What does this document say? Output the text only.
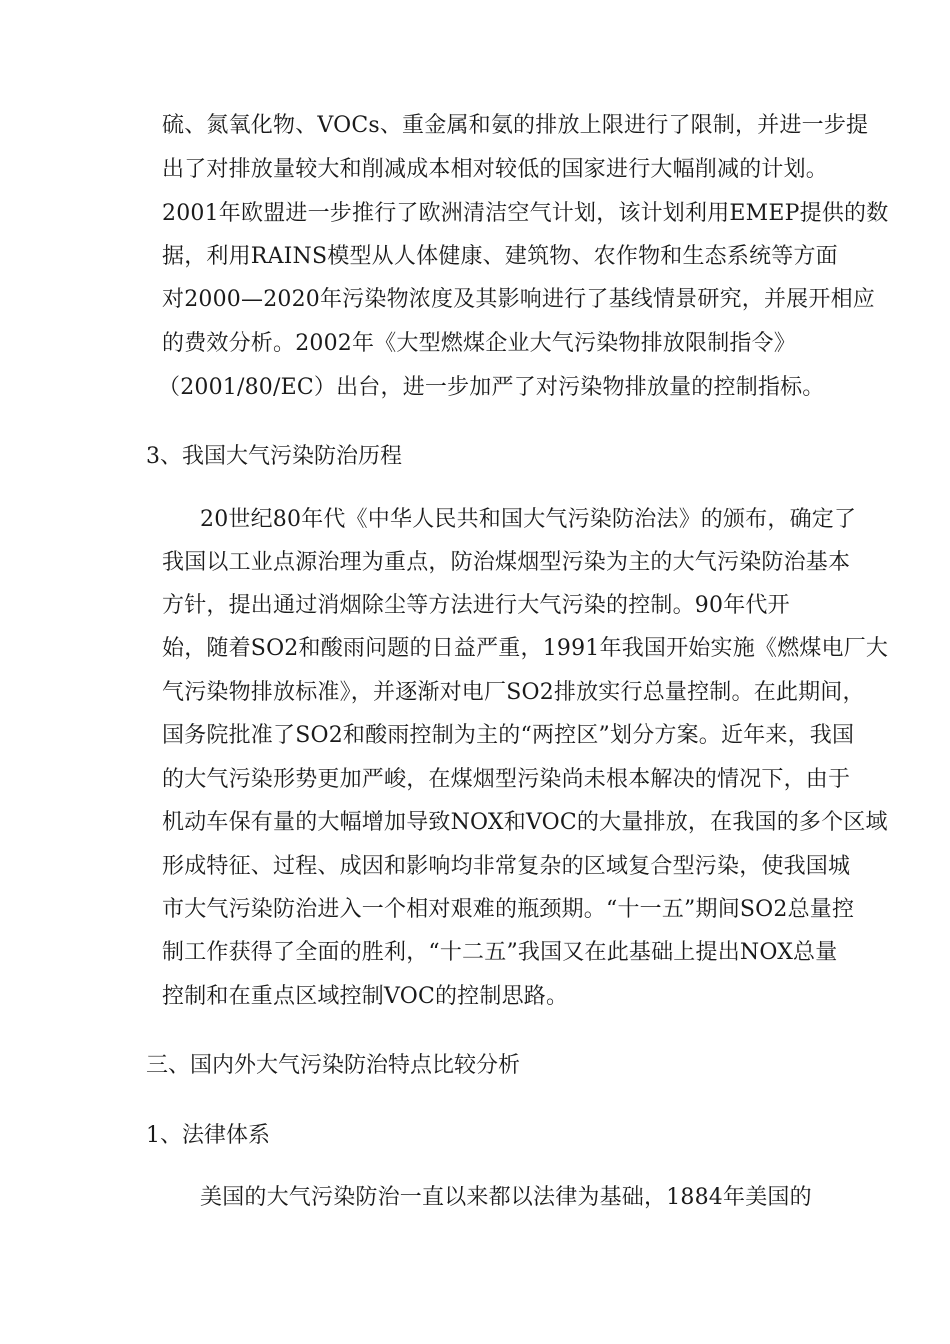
硫、氮氧化物、VOCs、重金属和氨的排放上限进行了限制，并进一步提
出了对排放量较大和削减成本相对较低的国家进行大幅削减的计划。
2001年欧盟进一步推行了欧洲清洁空气计划，该计划利用EMEP提供的数
据，利用RAINS模型从人体健康、建筑物、农作物和生态系统等方面
对2000—2020年污染物浓度及其影响进行了基线情景研究，并展开相应
的费效分析。2002年《大型燃煤企业大气污染物排放限制指令》
（2001/80/EC）出台，进一步加严了对污染物排放量的控制指标。
3、我国大气污染防治历程
20世纪80年代《中华人民共和国大气污染防治法》的颁布，确定了
我国以工业点源治理为重点，防治煤烟型污染为主的大气污染防治基本
方针，提出通过消烟除尘等方法进行大气污染的控制。90年代开
始，随着SO2和酸雨问题的日益严重，1991年我国开始实施《燃煤电厂大
气污染物排放标准》，并逐渐对电厂SO2排放实行总量控制。在此期间，
国务院批准了SO2和酸雨控制为主的“两控区”划分方案。近年来，我国
的大气污染形势更加严峻，在煤烟型污染尚未根本解决的情况下，由于
机动车保有量的大幅增加导致NOX和VOC的大量排放，在我国的多个区域
形成特征、过程、成因和影响均非常复杂的区域复合型污染，使我国城
市大气污染防治进入一个相对艰难的瓶颈期。“十一五”期间SO2总量控
制工作获得了全面的胜利，“十二五”我国又在此基础上提出NOX总量
控制和在重点区域控制VOC的控制思路。
三、国内外大气污染防治特点比较分析
1、法律体系
美国的大气污染防治一直以来都以法律为基础，1884年美国的
